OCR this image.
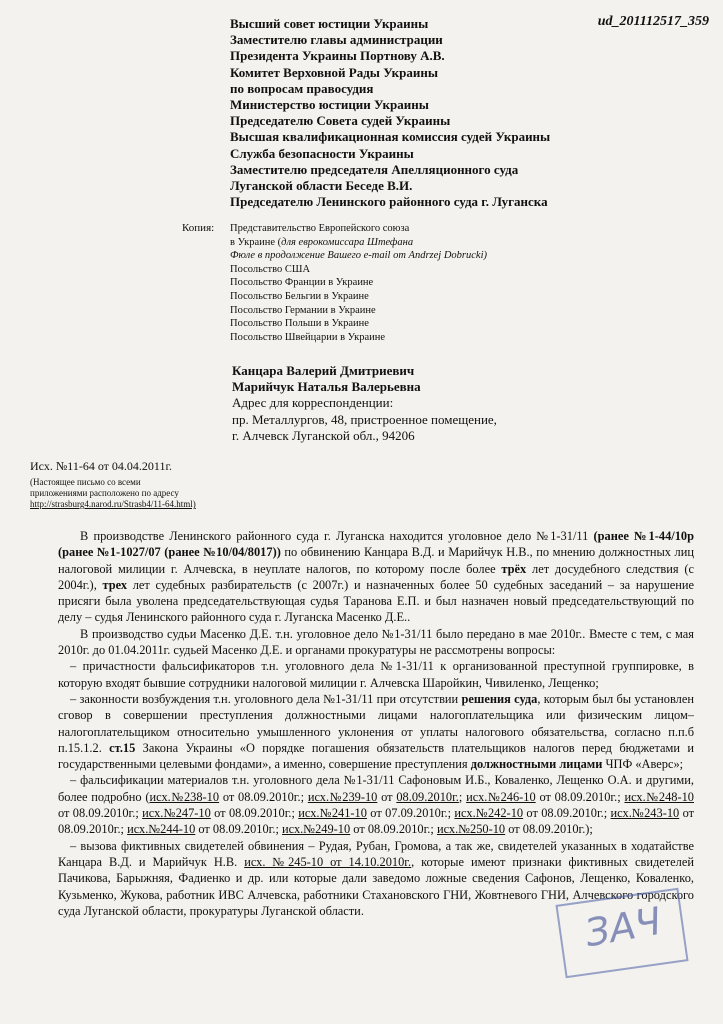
ud_201112517_359
Высший совет юстиции Украины
Заместителю главы администрации
Президента Украины Портнову А.В.
Комитет Верховной Рады Украины
по вопросам правосудия
Министерство юстиции Украины
Председателю Совета судей Украины
Высшая квалификационная комиссия судей Украины
Служба безопасности Украины
Заместителю председателя Апелляционного суда
Луганской области Беседе В.И.
Председателю Ленинского районного суда г. Луганска
Копия: Представительство Европейского союза
в Украине (для еврокомиссара Штефана
Фюле в продолжение Вашего e-mail от Andrzej Dobrucki)
Посольство США
Посольство Франции в Украине
Посольство Бельгии в Украине
Посольство Германии в Украине
Посольство Польши в Украине
Посольство Швейцарии в Украине
Канцара Валерий Дмитриевич
Марийчук Наталья Валерьевна
Адрес для корреспонденции:
пр. Металлургов, 48, пристроенное помещение,
г. Алчевск Луганской обл., 94206
Исх. №11-64 от 04.04.2011г.
(Настоящее письмо со всеми
приложениями расположено по адресу
http://strasburg4.narod.ru/Strasb4/11-64.html)

В производстве Ленинского районного суда г. Луганска находится уголовное дело №1-31/11 (ранее №1-44/10р (ранее №1-1027/07 (ранее №10/04/8017)) по обвинению Канцара В.Д. и Марийчук Н.В., по мнению должностных лиц налоговой милиции г. Алчевска, в неуплате налогов, по которому после более трёх лет досудебного следствия (с 2004г.), трех лет судебных разбирательств (с 2007г.) и назначенных более 50 судебных заседаний – за нарушение присяги была уволена председательствующая судья Таранова Е.П. и был назначен новый председательствующий по делу – судья Ленинского районного суда г. Луганска Масенко Д.Е..

В производство судьи Масенко Д.Е. т.н. уголовное дело №1-31/11 было передано в мае 2010г.. Вместе с тем, с мая 2010г. до 01.04.2011г. судьей Масенко Д.Е. и органами прокуратуры не рассмотрены вопросы:

– причастности фальсификаторов т.н. уголовного дела №1-31/11 к организованной преступной группировке, в которую входят бывшие сотрудники налоговой милиции г. Алчевска Шаройкин, Чивиленко, Лещенко;

– законности возбуждения т.н. уголовного дела №1-31/11 при отсутствии решения суда, которым был бы установлен сговор в совершении преступления должностными лицами налогоплательщика или физическим лицом–налогоплательщиком относительно умышленного уклонения от уплаты налогового обязательства, согласно п.п.б п.15.1.2. ст.15 Закона Украины «О порядке погашения обязательств плательщиков налогов перед бюджетами и государственными целевыми фондами», а именно, совершение преступления должностными лицами ЧПФ «Аверс»;

– фальсификации материалов т.н. уголовного дела №1-31/11 Сафоновым И.Б., Коваленко, Лещенко О.А. и другими, более подробно (исх.№238-10 от 08.09.2010г.; исх.№239-10 от 08.09.2010г.; исх.№246-10 от 08.09.2010г.; исх.№248-10 от 08.09.2010г.; исх.№247-10 от 08.09.2010г.; исх.№241-10 от 07.09.2010г.; исх.№242-10 от 08.09.2010г.; исх.№243-10 от 08.09.2010г.; исх.№244-10 от 08.09.2010г.; исх.№249-10 от 08.09.2010г.; исх.№250-10 от 08.09.2010г.);

– вызова фиктивных свидетелей обвинения – Рудая, Рубан, Громова, а так же, свидетелей указанных в ходатайстве Канцара В.Д. и Марийчук Н.В. исх. №245-10 от 14.10.2010г., которые имеют признаки фиктивных свидетелей Пачикова, Барыжняя, Фадиенко и др. или которые дали заведомо ложные сведения Сафонов, Лещенко, Коваленко, Кузьменко, Жукова, работник ИВС Алчевска, работники Стахановского ГНИ, Жовтневого ГНИ, Алчевского городского суда Луганской области, прокуратуры Луганской области.	ЗАЧ
